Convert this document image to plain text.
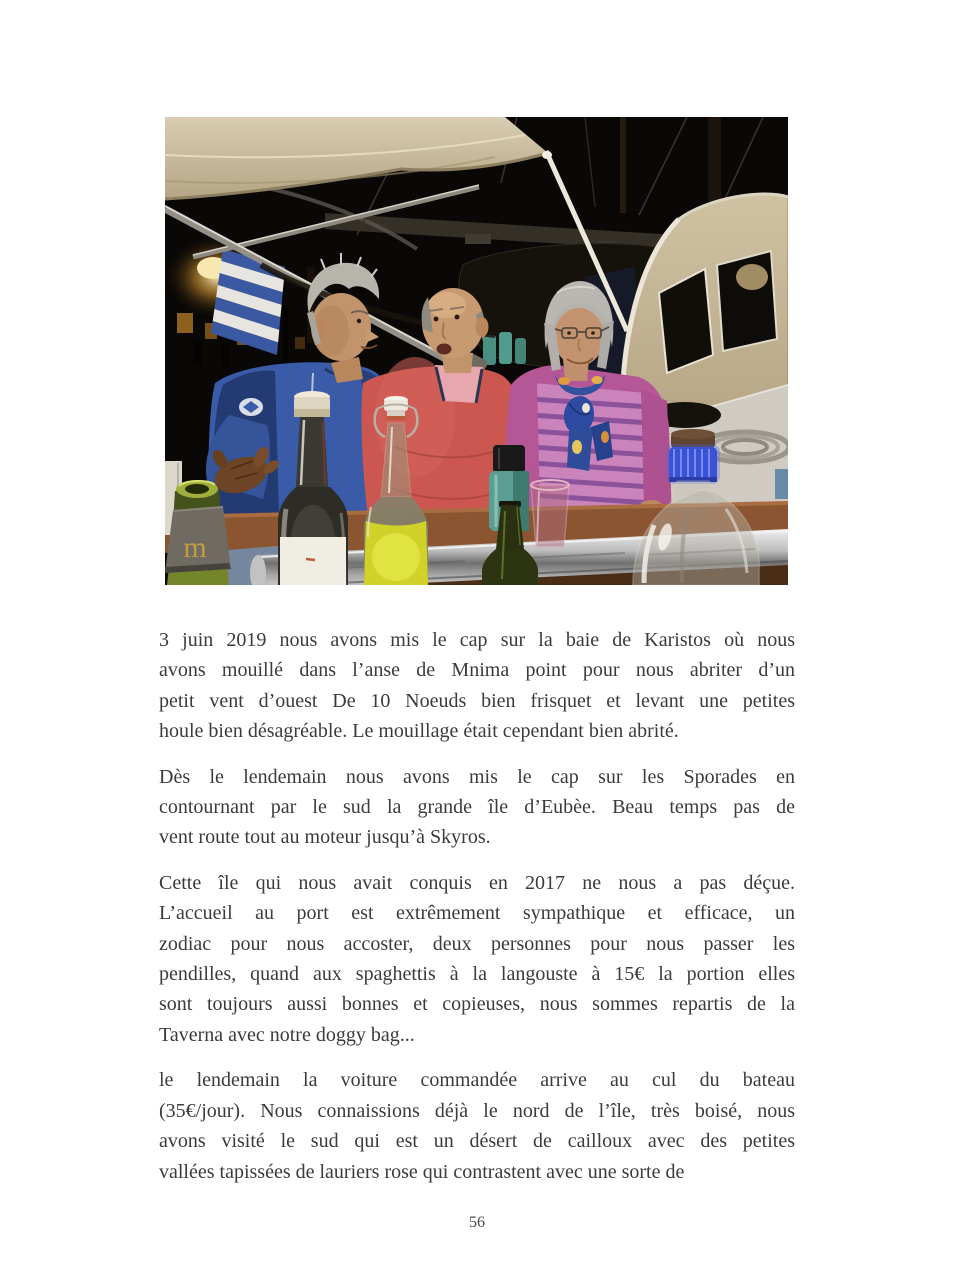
m

3 juin 2019 nous avons mis le cap sur la baie de Karistos où nous
avons mouillé dans l’anse de Mnima point pour nous abriter d’un
petit vent d’ouest De 10 Noeuds bien frisquet et levant une petites
houle bien désagréable. Le mouillage était cependant bien abrité.

Dès le lendemain nous avons mis le cap sur les Sporades en
contournant par le sud la grande île d’Eubèe. Beau temps pas de
vent route tout au moteur jusqu’à Skyros.

Cette île qui nous avait conquis en 2017 ne nous a pas déçue.
L’accueil au port est extrêmement sympathique et efficace, un
zodiac pour nous accoster, deux personnes pour nous passer les
pendilles, quand aux spaghettis à la langouste à 15€ la portion elles
sont toujours aussi bonnes et copieuses, nous sommes repartis de la
Taverna avec notre doggy bag...

le lendemain la voiture commandée arrive au cul du bateau
(35€/jour). Nous connaissions déjà le nord de l’île, très boisé, nous
avons visité le sud qui est un désert de cailloux avec des petites
vallées tapissées de lauriers rose qui contrastent avec une sorte de

56
